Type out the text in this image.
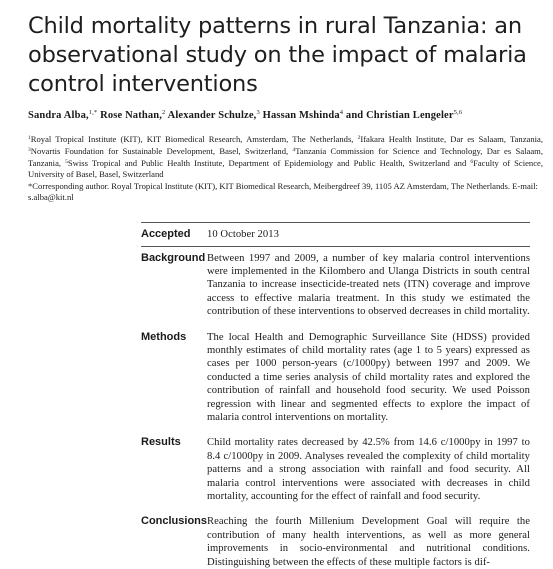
Child mortality patterns in rural Tanzania: an observational study on the impact of malaria control interventions
Sandra Alba,$^{1,*}$ Rose Nathan,$^2$ Alexander Schulze,$^3$ Hassan Mshinda$^4$ and Christian Lengeler$^{5,6}$
$^1$Royal Tropical Institute (KIT), KIT Biomedical Research, Amsterdam, The Netherlands, $^2$Ifakara Health Institute, Dar es Salaam, Tanzania, $^3$Novartis Foundation for Sustainable Development, Basel, Switzerland, $^4$Tanzania Commission for Science and Technology, Dar es Salaam, Tanzania, $^5$Swiss Tropical and Public Health Institute, Department of Epidemiology and Public Health, Switzerland and $^6$Faculty of Science, University of Basel, Basel, Switzerland
*Corresponding author. Royal Tropical Institute (KIT), KIT Biomedical Research, Meibergdreef 39, 1105 AZ Amsterdam, The Netherlands. E-mail: s.alba@kit.nl
Accepted	10 October 2013
Background Between 1997 and 2009, a number of key malaria control interventions were implemented in the Kilombero and Ulanga Districts in south central Tanzania to increase insecticide-treated nets (ITN) coverage and improve access to effective malaria treatment. In this study we estimated the contribution of these interventions to observed decreases in child mortality.
Methods	The local Health and Demographic Surveillance Site (HDSS) provided monthly estimates of child mortality rates (age 1 to 5 years) expressed as cases per 1000 person-years (c/1000py) between 1997 and 2009. We conducted a time series analysis of child mortality rates and explored the contribution of rainfall and household food security. We used Poisson regression with linear and segmented effects to explore the impact of malaria control interventions on mortality.
Results	Child mortality rates decreased by 42.5% from 14.6 c/1000py in 1997 to 8.4 c/1000py in 2009. Analyses revealed the complexity of child mortality patterns and a strong association with rainfall and food security. All malaria control interventions were associated with decreases in child mortality, accounting for the effect of rainfall and food security.
Conclusions Reaching the fourth Millenium Development Goal will require the contribution of many health interventions, as well as more general improvements in socio-environmental and nutritional conditions. Distinguishing between the effects of these multiple factors is dif-
